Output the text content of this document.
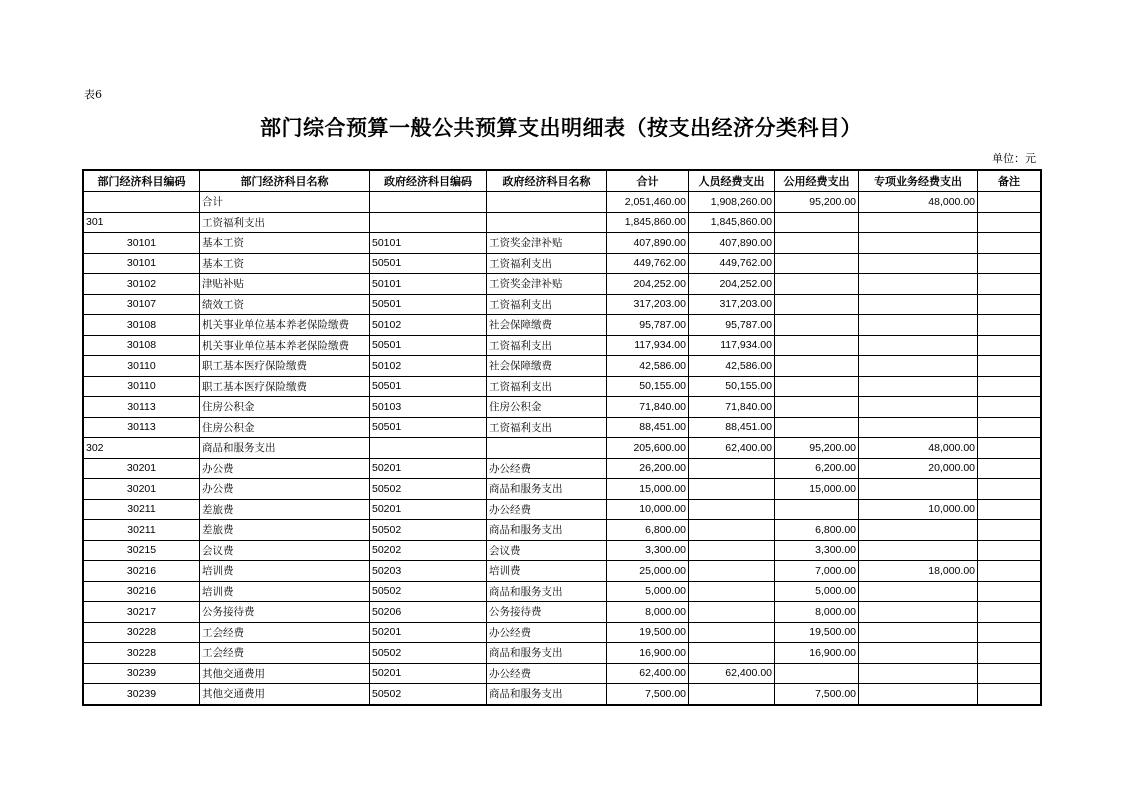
表6
部门综合预算一般公共预算支出明细表（按支出经济分类科目）
单位：元
部门经济科目编码	部门经济科目名称	政府经济科目编码	政府经济科目名称	合计	人员经费支出	公用经费支出	专项业务经费支出	备注
	合计			2,051,460.00	1,908,260.00	95,200.00	48,000.00	
301	工资福利支出			1,845,860.00	1,845,860.00			
30101	基本工资	50101	工资奖金津补贴	407,890.00	407,890.00			
30101	基本工资	50501	工资福利支出	449,762.00	449,762.00			
30102	津贴补贴	50101	工资奖金津补贴	204,252.00	204,252.00			
30107	绩效工资	50501	工资福利支出	317,203.00	317,203.00			
30108	机关事业单位基本养老保险缴费	50102	社会保障缴费	95,787.00	95,787.00			
30108	机关事业单位基本养老保险缴费	50501	工资福利支出	117,934.00	117,934.00			
30110	职工基本医疗保险缴费	50102	社会保障缴费	42,586.00	42,586.00			
30110	职工基本医疗保险缴费	50501	工资福利支出	50,155.00	50,155.00			
30113	住房公积金	50103	住房公积金	71,840.00	71,840.00			
30113	住房公积金	50501	工资福利支出	88,451.00	88,451.00			
302	商品和服务支出			205,600.00	62,400.00	95,200.00	48,000.00	
30201	办公费	50201	办公经费	26,200.00		6,200.00	20,000.00	
30201	办公费	50502	商品和服务支出	15,000.00		15,000.00		
30211	差旅费	50201	办公经费	10,000.00			10,000.00	
30211	差旅费	50502	商品和服务支出	6,800.00		6,800.00		
30215	会议费	50202	会议费	3,300.00		3,300.00		
30216	培训费	50203	培训费	25,000.00		7,000.00	18,000.00	
30216	培训费	50502	商品和服务支出	5,000.00		5,000.00		
30217	公务接待费	50206	公务接待费	8,000.00		8,000.00		
30228	工会经费	50201	办公经费	19,500.00		19,500.00		
30228	工会经费	50502	商品和服务支出	16,900.00		16,900.00		
30239	其他交通费用	50201	办公经费	62,400.00	62,400.00			
30239	其他交通费用	50502	商品和服务支出	7,500.00		7,500.00		
